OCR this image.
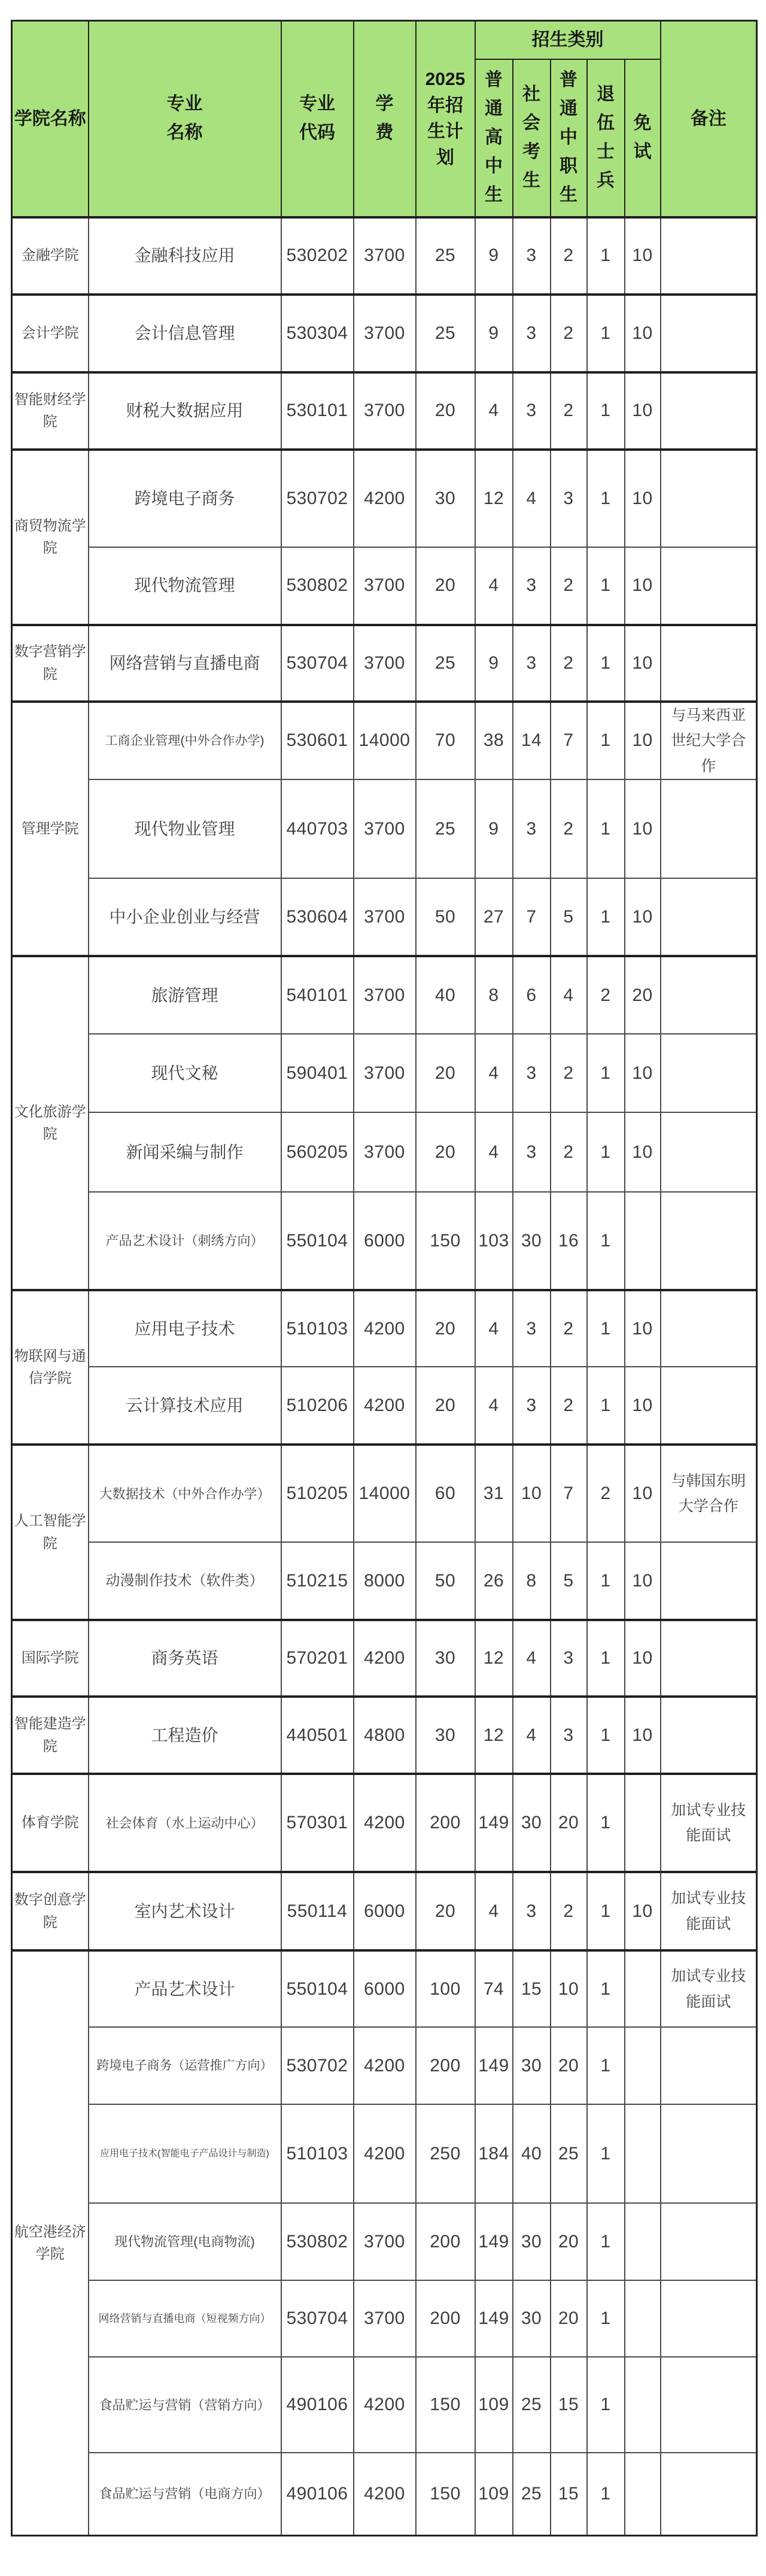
学院名称	专业名称	专业代码	学费	2025年招生计划	招生类别					备注
					普通高中生	社会考生	普通中职生	退伍士兵	免试	
金融学院	金融科技应用	530202	3700	25	9	3	2	1	10	
会计学院	会计信息管理	530304	3700	25	9	3	2	1	10	
智能财经学院	财税大数据应用	530101	3700	20	4	3	2	1	10	
商贸物流学院	跨境电子商务	530702	4200	30	12	4	3	1	10	
	现代物流管理	530802	3700	20	4	3	2	1	10	
数字营销学院	网络营销与直播电商	530704	3700	25	9	3	2	1	10	
管理学院	工商企业管理(中外合作办学)	530601	14000	70	38	14	7	1	10	与马来西亚世纪大学合作
	现代物业管理	440703	3700	25	9	3	2	1	10	
	中小企业创业与经营	530604	3700	50	27	7	5	1	10	
文化旅游学院	旅游管理	540101	3700	40	8	6	4	2	20	
	现代文秘	590401	3700	20	4	3	2	1	10	
	新闻采编与制作	560205	3700	20	4	3	2	1	10	
	产品艺术设计（刺绣方向）	550104	6000	150	103	30	16	1		
物联网与通信学院	应用电子技术	510103	4200	20	4	3	2	1	10	
	云计算技术应用	510206	4200	20	4	3	2	1	10	
人工智能学院	大数据技术（中外合作办学）	510205	14000	60	31	10	7	2	10	与韩国东明大学合作
	动漫制作技术（软件类）	510215	8000	50	26	8	5	1	10	
国际学院	商务英语	570201	4200	30	12	4	3	1	10	
智能建造学院	工程造价	440501	4800	30	12	4	3	1	10	
体育学院	社会体育（水上运动中心）	570301	4200	200	149	30	20	1		加试专业技能面试
数字创意学院	室内艺术设计	550114	6000	20	4	3	2	1	10	加试专业技能面试
航空港经济学院	产品艺术设计	550104	6000	100	74	15	10	1		加试专业技能面试
	跨境电子商务（运营推广方向）	530702	4200	200	149	30	20	1		
	应用电子技术(智能电子产品设计与制造)	510103	4200	250	184	40	25	1		
	现代物流管理(电商物流)	530802	3700	200	149	30	20	1		
	网络营销与直播电商（短视频方向）	530704	3700	200	149	30	20	1		
	食品贮运与营销（营销方向）	490106	4200	150	109	25	15	1		
	食品贮运与营销（电商方向）	490106	4200	150	109	25	15	1		
